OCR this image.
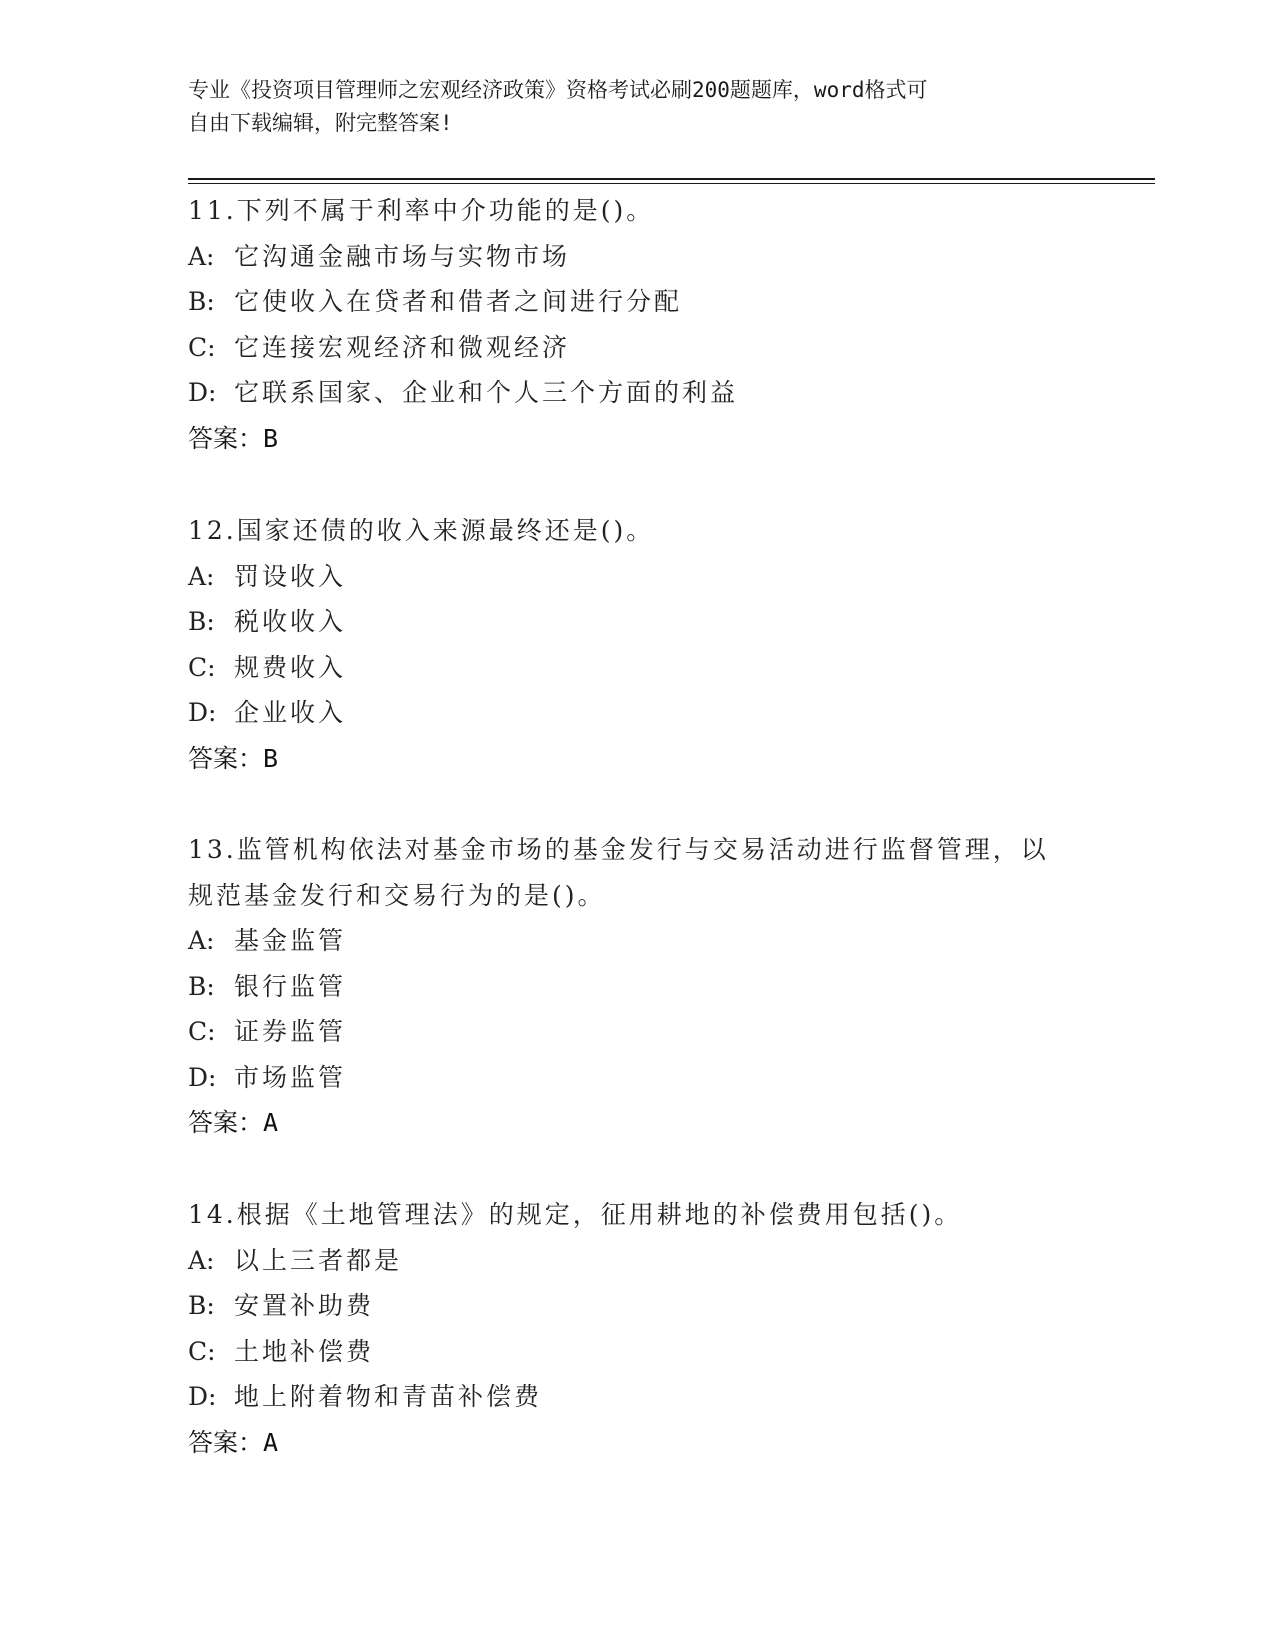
专业《投资项目管理师之宏观经济政策》资格考试必刷200题题库，word格式可
自由下载编辑，附完整答案!
11.下列不属于利率中介功能的是()。
A: 它沟通金融市场与实物市场
B: 它使收入在贷者和借者之间进行分配
C: 它连接宏观经济和微观经济
D: 它联系国家、企业和个人三个方面的利益
答案：B
12.国家还债的收入来源最终还是()。
A: 罚设收入
B: 税收收入
C: 规费收入
D: 企业收入
答案：B
13.监管机构依法对基金市场的基金发行与交易活动进行监督管理，以
规范基金发行和交易行为的是()。
A: 基金监管
B: 银行监管
C: 证券监管
D: 市场监管
答案：A
14.根据《土地管理法》的规定，征用耕地的补偿费用包括()。
A: 以上三者都是
B: 安置补助费
C: 土地补偿费
D: 地上附着物和青苗补偿费
答案：A
